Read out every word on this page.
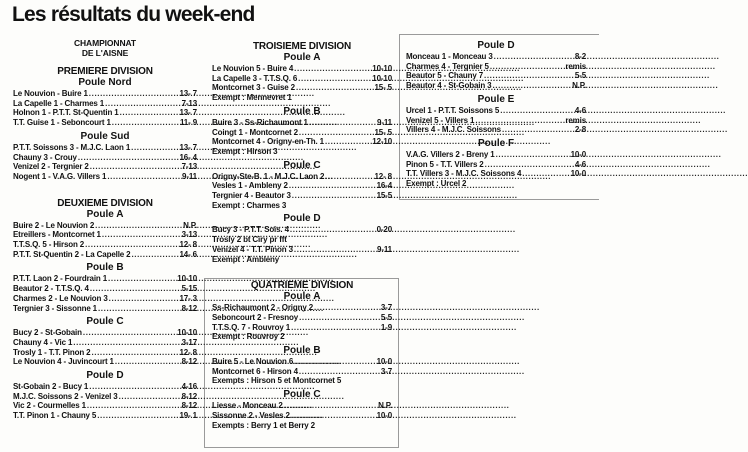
Les résultats du week-end
CHAMPIONNAT
DE L'AISNE
PREMIERE DIVISION
Poule Nord
Le Nouvion - Buire 1 .....	13- 7
La Capelle 1 - Charmes 1 .....	7-13
Holnon 1 - P.T.T. St-Quentin 1 .....	13- 7
T.T. Guise 1 - Seboncourt 1 .....	11- 9
Poule Sud
P.T.T. Soissons 3 - M.J.C. Laon 1 .....	13- 7
Chauny 3 - Crouy .....	16- 4
Venizel 2 - Tergnier 2 .....	7-13
Nogent 1 - V.A.G. Villers 1 .....	9-11
DEUXIEME DIVISION
Poule A
Buire 2 - Le Nouvion 2 .....	N.P.
Etreillers - Montcornet 1 .....	3-13
T.T.S.Q. 5 - Hirson 2 .....	12- 8
P.T.T. St-Quentin 2 - La Capelle 2 .....	14- 6
Poule B
P.T.T. Laon 2 - Fourdrain 1 .....	10-10
Beautor 2 - T.T.S.Q. 4 .....	5-15
Charmes 2 - Le Nouvion 3 .....	17- 3
Tergnier 3 - Sissonne 1 .....	8-12
Poule C
Bucy 2 - St-Gobain .....	10-10
Chauny 4 - Vic 1 .....	3-17
Trosly 1 - T.T. Pinon 2 .....	12- 8
Le Nouvion 4 - Juvincourt 1 .....	8-12
Poule D
St-Gobain 2 - Bucy 1 .....	4-16
M.J.C. Soissons 2 - Venizel 3 .....	8-12
Vic 2 - Courmelles 1 .....	8-12
T.T. Pinon 1 - Chauny 5 .....	19- 1
TROISIEME DIVISION
Poule A
Le Nouvion 5 - Buire 4 .....	10-10
La Capelle 3 - T.T.S.Q. 6 .....	10-10
Montcornet 3 - Guise 2 .....	15- 5
Exempt : Mennevret 1
Poule B
Buire 3 - Ss-Richaumont 1 .....	9-11
Coingt 1 - Montcornet 2 .....	15- 5
Montcornet 4 - Origny-en-Th. 1 .....	12-10
Exempt : Hirson 3
Poule C
Origny-Ste-B. 1 - M.J.C. Laon 2 .....	12- 8
Vesles 1 - Ambleny 2 .....	16-4
Tergnier 4 - Beautor 3 .....	15-5
Exempt : Charmes 3
Poule D
Bucy 3 - P.T.T. Sois. 4 .....	0-20
Trosly 2 bt Ciry pr fft
Venizel 4 - T.T. Pinon 3 .....	9-11
Exempt : Ambleny
QUATRIEME DIVISION
Poule A
Ss-Richaumont 2 - Origny 2 .....	3-7
Seboncourt 2 - Fresnoy .....	5-5
T.T.S.Q. 7 - Rouvroy 1 .....	1-9
Exempt : Rouvroy 2
Poule B
Buire 5 - Le Nouvion 6 .....	10-0
Montcornet 6 - Hirson 4 .....	3-7
Exempts : Hirson 5 et Montcornet 5
Poule C
Liesse - Monceau 2 .....	N.P.
Sissonne 2 - Vesles 2 .....	10-0
Exempts : Berry 1 et Berry 2
Poule D
Monceau 1 - Monceau 3 .....	8-2
Charmes 4 - Tergnier 5 .....	remis
Beautor 5 - Chauny 7 .....	5-5
Beautor 4 - St-Gobain 3 .....	N.P.
Poule E
Urcel 1 - P.T.T. Soissons 5 .....	4-6
Venizel 5 - Villers 1 .....	remis
Villers 4 - M.J.C. Soissons .....	2-8
Poule F
V.A.G. Villers 2 - Breny 1 .....	10-0
Pinon 5 - T.T. Villers 2 .....	4-6
T.T. Villers 3 - M.J.C. Soissons 4 .....	10-0
Exempt : Urcel 2
